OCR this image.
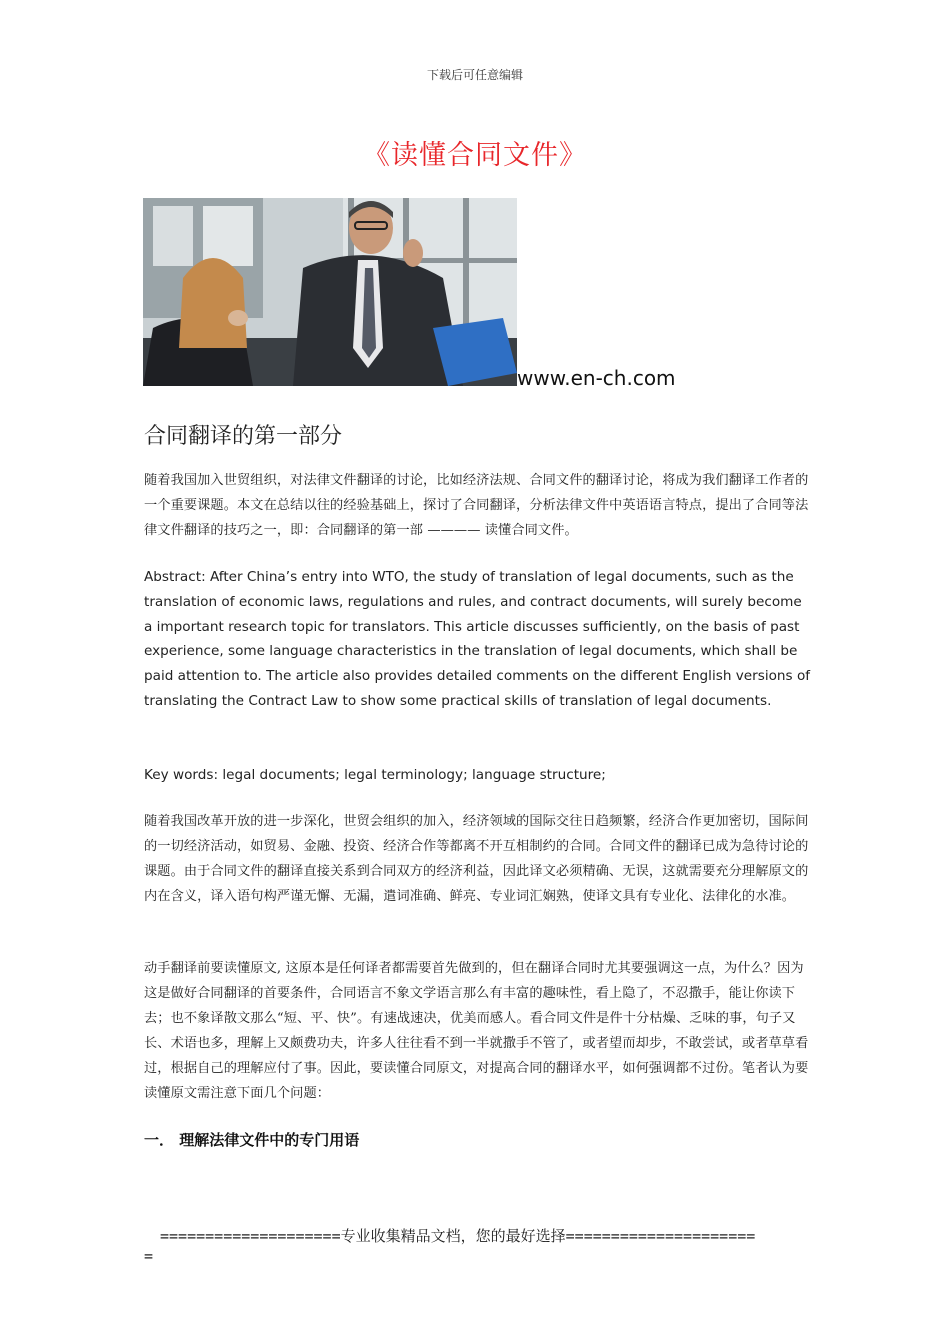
下载后可任意编辑
《读懂合同文件》
www.en-ch.com
合同翻译的第一部分

随着我国加入世贸组织，对法律文件翻译的讨论，比如经济法规、合同文件的翻译讨论，将成为我们翻译工作者的一个重要课题。本文在总结以往的经验基础上，探讨了合同翻译，分析法律文件中英语语言特点，提出了合同等法律文件翻译的技巧之一，即：合同翻译的第一部 ———— 读懂合同文件。

Abstract: After China’s entry into WTO, the study of translation of legal documents, such as the translation of economic laws, regulations and rules, and contract documents, will surely become a important research topic for translators. This article discusses sufficiently, on the basis of past experience, some language characteristics in the translation of legal documents, which shall be paid attention to. The article also provides detailed comments on the different English versions of translating the Contract Law to show some practical skills of translation of legal documents.

Key words: legal documents; legal terminology; language structure;

随着我国改革开放的进一步深化，世贸会组织的加入，经济领域的国际交往日趋频繁，经济合作更加密切，国际间的一切经济活动，如贸易、金融、投资、经济合作等都离不开互相制约的合同。合同文件的翻译已成为急待讨论的课题。由于合同文件的翻译直接关系到合同双方的经济利益，因此译文必须精确、无误，这就需要充分理解原文的内在含义，译入语句构严谨无懈、无漏，遣词准确、鲜亮、专业词汇娴熟，使译文具有专业化、法律化的水准。

动手翻译前要读懂原文, 这原本是任何译者都需要首先做到的，但在翻译合同时尤其要强调这一点，为什么？因为这是做好合同翻译的首要条件，合同语言不象文学语言那么有丰富的趣味性，看上隐了，不忍撒手，能让你读下去；也不象译散文那么“短、平、快”。有速战速决，优美而感人。看合同文件是件十分枯燥、乏味的事，句子又长、术语也多，理解上又颇费功夫，许多人往往看不到一半就撒手不管了，或者望而却步，不敢尝试，或者草草看过，根据自己的理解应付了事。因此，要读懂合同原文，对提高合同的翻译水平，如何强调都不过份。笔者认为要读懂原文需注意下面几个问题：

一． 理解法律文件中的专门用语
====================专业收集精品文档，您的最好选择=====================
=
